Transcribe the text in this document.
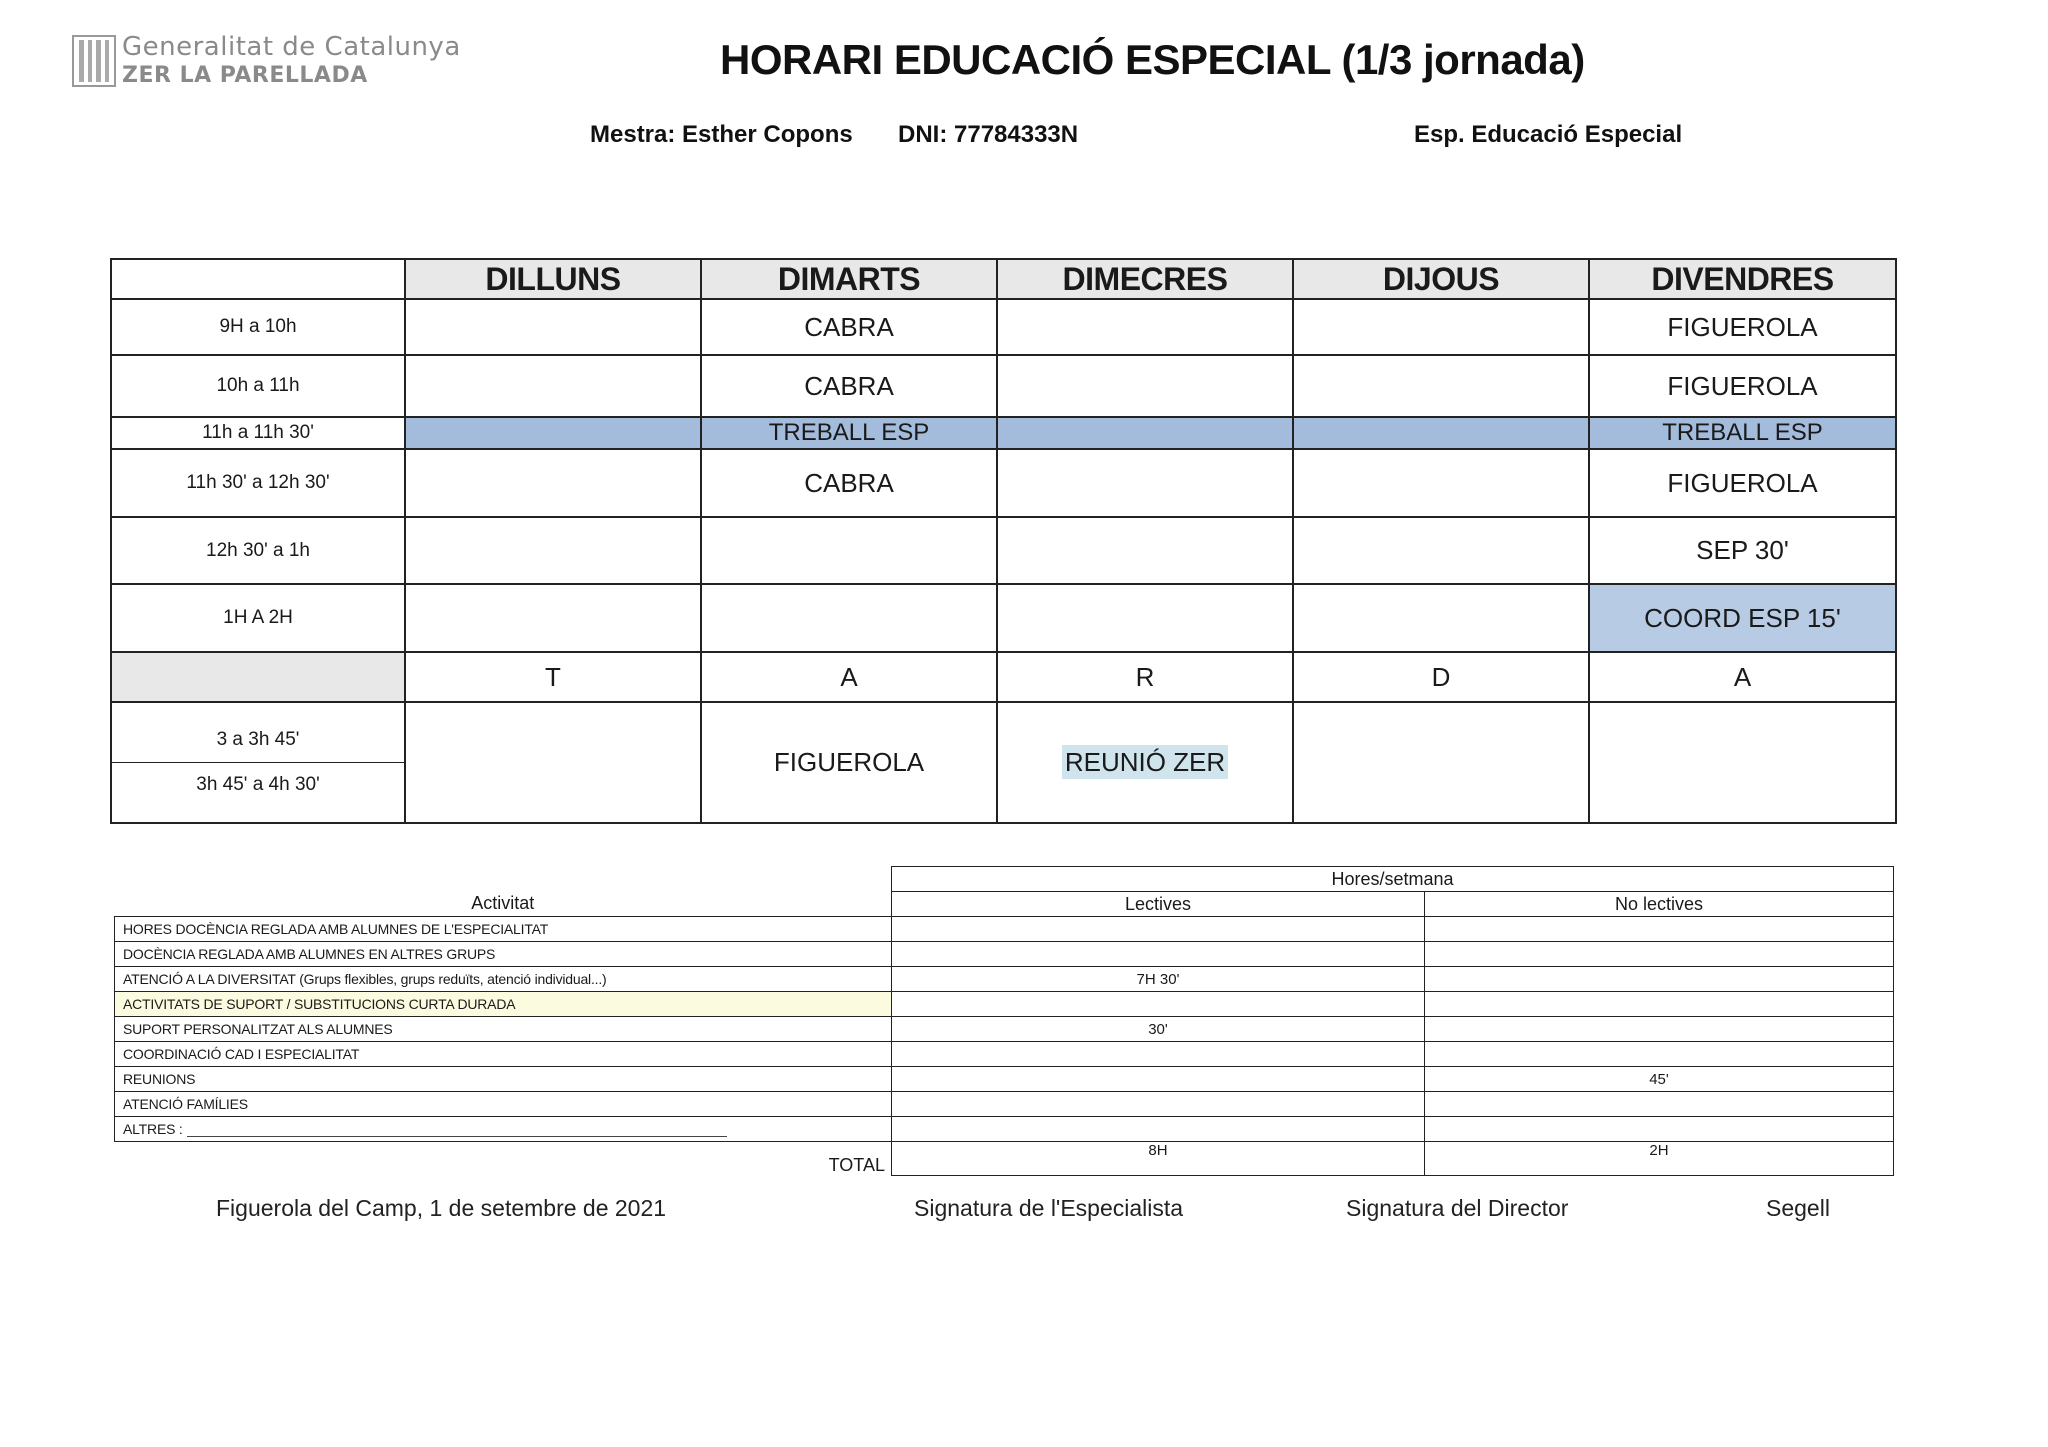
Generalitat de Catalunya
ZER LA PARELLADA	HORARI EDUCACIÓ ESPECIAL (1/3 jornada)
Mestra: Esther Copons DNI: 77784333N	Esp. Educació Especial
	DILLUNS	DIMARTS	DIMECRES	DIJOUS	DIVENDRES
9H a 10h		CABRA			FIGUEROLA
10h a 11h		CABRA			FIGUEROLA
11h a 11h 30'		TREBALL ESP			TREBALL ESP
11h 30' a 12h 30'		CABRA			FIGUEROLA
12h 30' a 1h					SEP 30'
1H A 2H					COORD ESP 15'
	T	A	R	D	A

3 a 3h 45'
3h 45' a 4h 30'		FIGUEROLA	REUNIÓ ZER		
	Hores/setmana	
Activitat	Lectives	No lectives
HORES DOCÈNCIA REGLADA AMB ALUMNES DE L'ESPECIALITAT		
DOCÈNCIA REGLADA AMB ALUMNES EN ALTRES GRUPS		
ATENCIÓ A LA DIVERSITAT (Grups flexibles, grups reduïts, atenció individual...)	7H 30'	
ACTIVITATS DE SUPORT / SUBSTITUCIONS CURTA DURADA		
SUPORT PERSONALITZAT ALS ALUMNES	30'	
COORDINACIÓ CAD I ESPECIALITAT		
REUNIONS		45'
ATENCIÓ FAMÍLIES		
ALTRES :		
TOTAL	8H	2H
Figuerola del Camp, 1 de setembre de 2021	Signatura de l'Especialista	Signatura del Director	Segell
